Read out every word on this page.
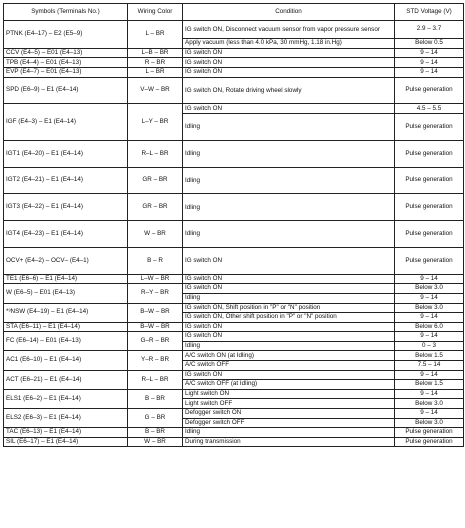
Symbols (Terminals No.)	Wiring Color	Condition	STD Voltage (V)
PTNK (E4–17) – E2 (E5–9)	L – BR	IG switch ON, Disconnect vacuum sensor from vapor pressure sensor	2.9 – 3.7
		Apply vacuum (less than 4.0 kPa, 30 mmHg, 1.18 in.Hg)	Below 0.5
CCV (E4–5) – E01 (E4–13)	L–B – BR	IG switch ON	9 – 14
TPB (E4–4) – E01 (E4–13)	R – BR	IG switch ON	9 – 14
EVP (E4–7) – E01 (E4–13)	L – BR	IG switch ON	9 – 14
SPD (E6–9) – E1 (E4–14)	V–W – BR	IG switch ON, Rotate driving wheel slowly	Pulse generation
IGF (E4–3) – E1 (E4–14)	L–Y – BR	IG switch ON	4.5 – 5.5
		Idling	Pulse generation
IGT1 (E4–20) – E1 (E4–14)	R–L – BR	Idling	Pulse generation
IGT2 (E4–21) – E1 (E4–14)	GR – BR	Idling	Pulse generation
IGT3 (E4–22) – E1 (E4–14)	GR – BR	Idling	Pulse generation
IGT4 (E4–23) – E1 (E4–14)	W – BR	Idling	Pulse generation
OCV+ (E4–2) – OCV– (E4–1)	B – R	IG switch ON	Pulse generation
TE1 (E6–6) – E1 (E4–14)	L–W – BR	IG switch ON	9 – 14
W (E6–5) – E01 (E4–13)	R–Y – BR	IG switch ON	Below 3.0
		Idling	9 – 14
*³NSW (E4–19) – E1 (E4–14)	B–W – BR	IG switch ON, Shift position in "P" or "N" position	Below 3.0
		IG switch ON, Other shift position in "P" or "N" position	9 – 14
STA (E6–11) – E1 (E4–14)	B–W – BR	IG switch ON	Below 6.0
FC (E6–14) – E01 (E4–13)	G–R – BR	IG switch ON	9 – 14
		Idling	0 – 3
AC1 (E6–10) – E1 (E4–14)	Y–R – BR	A/C switch ON (at Idling)	Below 1.5
		A/C switch OFF	7.5 – 14
ACT (E6–21) – E1 (E4–14)	R–L – BR	IG switch ON	9 – 14
		A/C switch OFF (at Idling)	Below 1.5
ELS1 (E6–2) – E1 (E4–14)	B – BR	Light switch ON	9 – 14
		Light switch OFF	Below 3.0
ELS2 (E6–3) – E1 (E4–14)	G – BR	Defogger switch ON	9 – 14
		Defogger switch OFF	Below 3.0
TAC (E6–13) – E1 (E4–14)	B – BR	Idling	Pulse generation
SIL (E6–17) – E1 (E4–14)	W – BR	During transmission	Pulse generation
